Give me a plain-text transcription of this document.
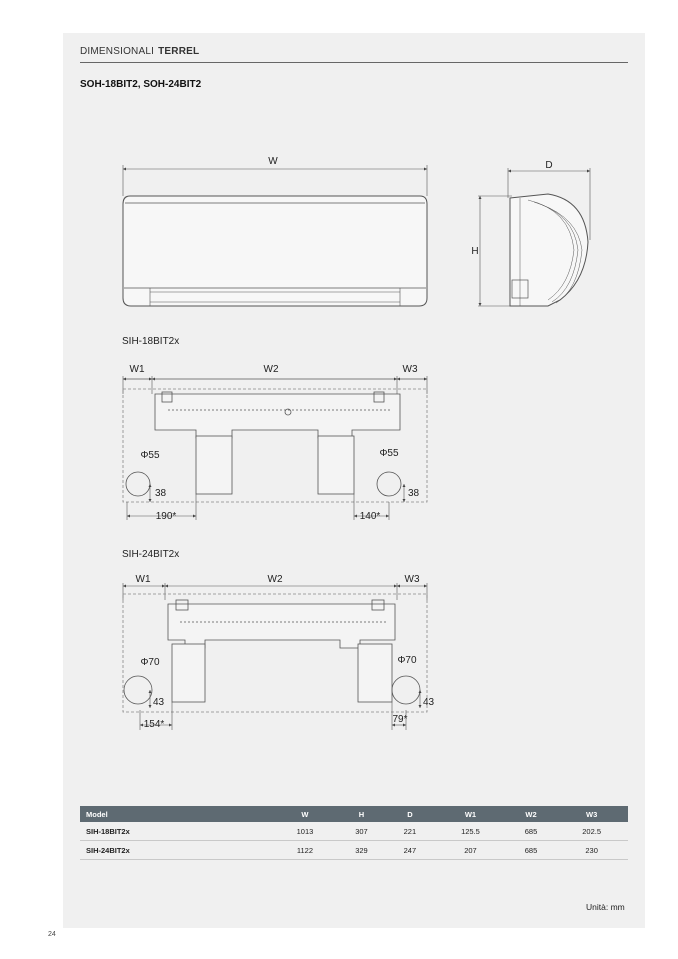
DIMENSIONALI TERREL
SOH-18BIT2, SOH-24BIT2
W	D
H
W1	W2	W3
Φ55	Φ55
38	38
190*	140*
W1	W2	W3
Φ70	Φ70
43	43
154*	79*
SIH-18BIT2x
SIH-24BIT2x
Model	W	H	D	W1	W2	W3
SIH-18BIT2x	1013	307	221	125.5	685	202.5
SIH-24BIT2x	1122	329	247	207	685	230
Unità: mm
24
